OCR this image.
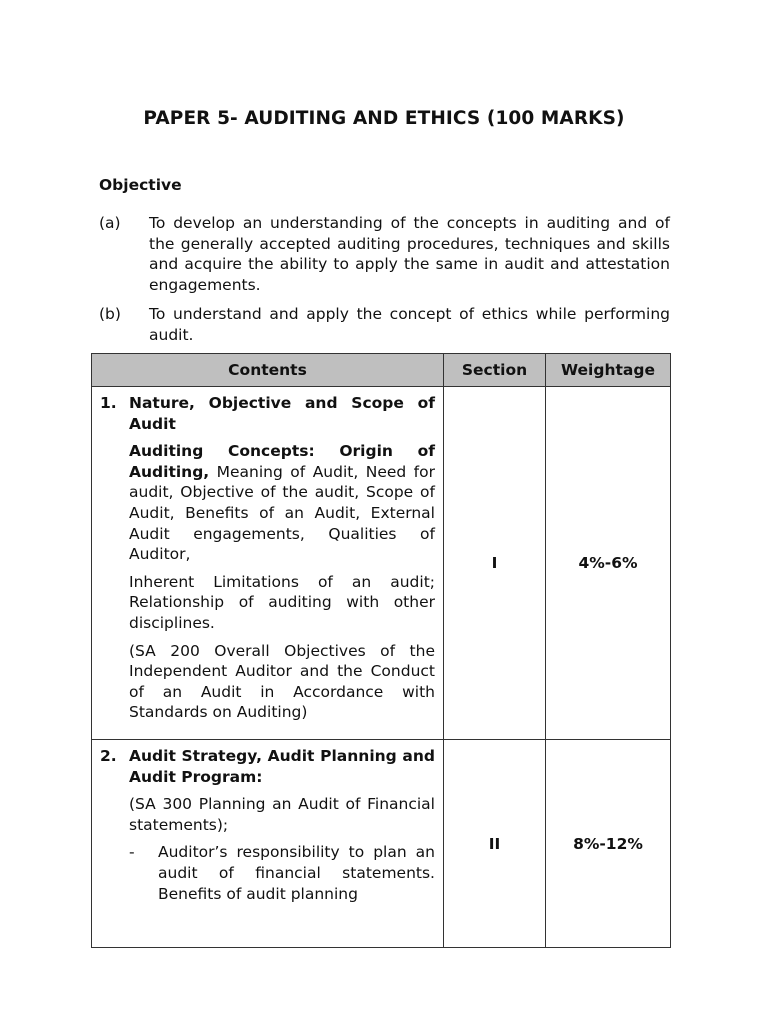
PAPER 5- AUDITING AND ETHICS (100 MARKS)
Objective
(a) To develop an understanding of the concepts in auditing and of the generally accepted auditing procedures, techniques and skills and acquire the ability to apply the same in audit and attestation engagements.
(b) To understand and apply the concept of ethics while performing audit.
Contents	Section	Weightage

1. Nature, Objective and Scope of Audit
Auditing Concepts: Origin of Auditing, Meaning of Audit, Need for audit, Objective of the audit, Scope of Audit, Benefits of an Audit, External Audit engagements, Qualities of Auditor,
Inherent Limitations of an audit; Relationship of auditing with other disciplines.
(SA 200 Overall Objectives of the Independent Auditor and the Conduct of an Audit in Accordance with Standards on Auditing)	I	4%-6%

2. Audit Strategy, Audit Planning and Audit Program:
(SA 300 Planning an Audit of Financial statements);
- Auditor’s responsibility to plan an audit of financial statements. Benefits of audit planning	II	8%-12%
